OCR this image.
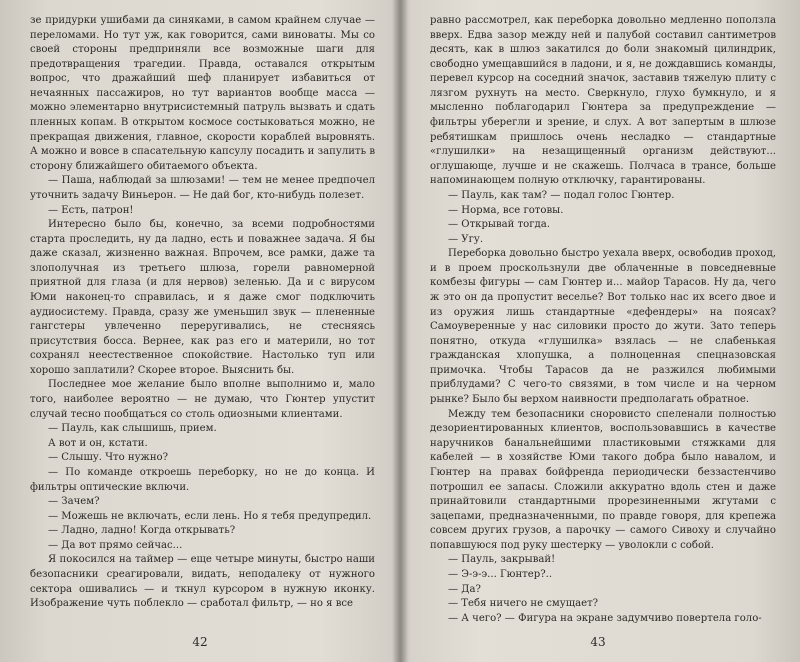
зе придурки ушибами да синяками, в самом крайнем случае — переломами. Но тут уж, как говорится, сами виноваты. Мы со своей стороны предприняли все возможные шаги для предотвращения трагедии. Правда, оставался открытым вопрос, что дражайший шеф планирует избавиться от нечаянных пассажиров, но тут вариантов вообще масса — можно элементарно внутрисистемный патруль вызвать и сдать пленных копам. В открытом космосе состыковаться можно, не прекращая движения, главное, скорости кораблей выровнять. А можно и вовсе в спасательную капсулу посадить и запулить в сторону ближайшего обитаемого объекта.

— Паша, наблюдай за шлюзами! — тем не менее предпочел уточнить задачу Виньерон. — Не дай бог, кто-нибудь полезет.

— Есть, патрон!

Интересно было бы, конечно, за всеми подробностями старта проследить, ну да ладно, есть и поважнее задача. Я бы даже сказал, жизненно важная. Впрочем, все рамки, даже та злополучная из третьего шлюза, горели равномерной приятной для глаза (и для нервов) зеленью. Да и с вирусом Юми наконец-то справилась, и я даже смог подключить аудиосистему. Правда, сразу же уменьшил звук — плененные гангстеры увлеченно переругивались, не стесняясь присутствия босса. Вернее, как раз его и материли, но тот сохранял неестественное спокойствие. Настолько туп или хорошо заплатили? Скорее второе. Выяснить бы.

Последнее мое желание было вполне выполнимо и, мало того, наиболее вероятно — не думаю, что Гюнтер упустит случай тесно пообщаться со столь одиозными клиентами.

— Пауль, как слышишь, прием.

А вот и он, кстати.

— Слышу. Что нужно?

— По команде откроешь переборку, но не до конца. И фильтры оптические включи.

— Зачем?

— Можешь не включать, если лень. Но я тебя предупредил.

— Ладно, ладно! Когда открывать?

— Да вот прямо сейчас...

Я покосился на таймер — еще четыре минуты, быстро наши безопасники среагировали, видать, неподалеку от нужного сектора ошивались — и ткнул курсором в нужную иконку. Изображение чуть поблекло — сработал фильтр, — но я все

42

равно рассмотрел, как переборка довольно медленно поползла вверх. Едва зазор между ней и палубой составил сантиметров десять, как в шлюз закатился до боли знакомый цилиндрик, свободно умещавшийся в ладони, и я, не дождавшись команды, перевел курсор на соседний значок, заставив тяжелую плиту с лязгом рухнуть на место. Сверкнуло, глухо бумкнуло, и я мысленно поблагодарил Гюнтера за предупреждение — фильтры уберегли и зрение, и слух. А вот запертым в шлюзе ребятишкам пришлось очень несладко — стандартные «глушилки» на незащищенный организм действуют... оглушающе, лучше и не скажешь. Полчаса в трансе, больше напоминающем полную отключку, гарантированы.

— Пауль, как там? — подал голос Гюнтер.

— Норма, все готовы.

— Открывай тогда.

— Угу.

Переборка довольно быстро уехала вверх, освободив проход, и в проем проскользнули две облаченные в повседневные комбезы фигуры — сам Гюнтер и... майор Тарасов. Ну да, чего ж это он да пропустит веселье? Вот только нас их всего двое и из оружия лишь стандартные «дефендеры» на поясах? Самоуверенные у нас силовики просто до жути. Зато теперь понятно, откуда «глушилка» взялась — не слабенькая гражданская хлопушка, а полноценная спецназовская примочка. Чтобы Тарасов да не разжился любимыми приблудами? С чего-то связями, в том числе и на черном рынке? Было бы верхом наивности предполагать обратное.

Между тем безопасники сноровисто спеленали полностью дезориентированных клиентов, воспользовавшись в качестве наручников банальнейшими пластиковыми стяжками для кабелей — в хозяйстве Юми такого добра было навалом, и Гюнтер на правах бойфренда периодически беззастенчиво потрошил ее запасы. Сложили аккуратно вдоль стен и даже принайтовили стандартными прорезиненными жгутами с зацепами, предназначенными, по правде говоря, для крепежа совсем других грузов, а парочку — самого Сивоху и случайно попавшуюся под руку шестерку — уволокли с собой.

— Пауль, закрывай!

— Э-э-э... Гюнтер?..

— Да?

— Тебя ничего не смущает?

— А чего? — Фигура на экране задумчиво повертела голо-

43
